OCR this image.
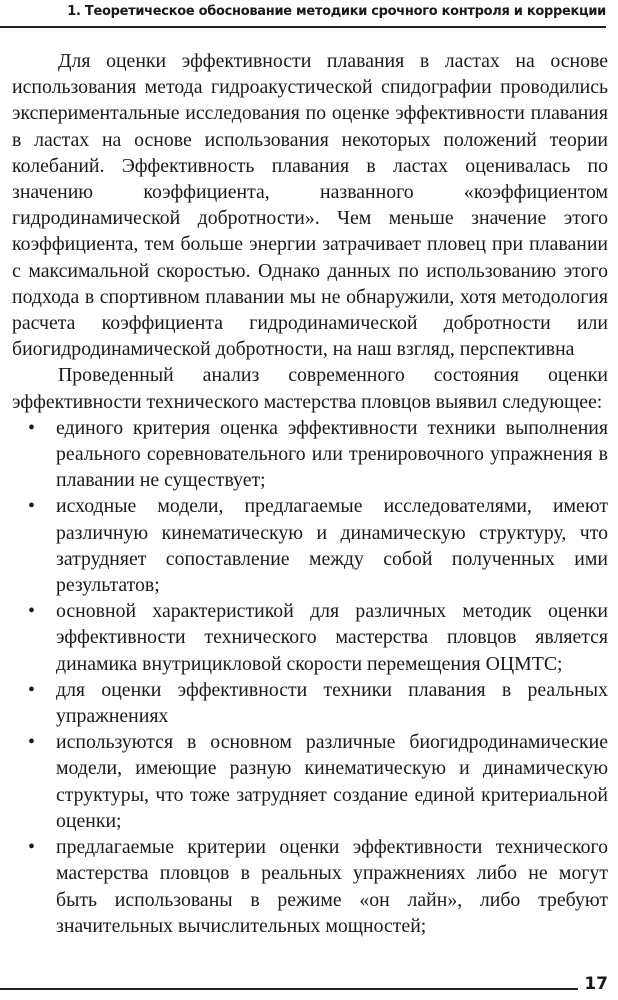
1. Теоретическое обоснование методики срочного контроля и коррекции

Для оценки эффективности плавания в ластах на основе использования метода гидроакустической спидографии проводились экспериментальные исследования по оценке эффективности плавания в ластах на основе использования некоторых положений теории колебаний. Эффективность плавания в ластах оценивалась по значению коэффициента, названного «коэффициентом гидродинамической добротности». Чем меньше значение этого коэффициента, тем больше энергии затрачивает пловец при плавании с максимальной скоростью. Однако данных по использованию этого подхода в спортивном плавании мы не обнаружили, хотя методология расчета коэффициента гидродинамической добротности или биогидродинамической добротности, на наш взгляд, перспективна

Проведенный анализ современного состояния оценки эффективности технического мастерства пловцов выявил следующее:

• единого критерия оценка эффективности техники выполнения реального соревновательного или тренировочного упражнения в плавании не существует;
• исходные модели, предлагаемые исследователями, имеют различную кинематическую и динамическую структуру, что затрудняет сопоставление между собой полученных ими результатов;
• основной характеристикой для различных методик оценки эффективности технического мастерства пловцов является динамика внутрицикловой скорости перемещения ОЦМТС;
• для оценки эффективности техники плавания в реальных упражнениях
• используются в основном различные биогидродинамические модели, имеющие разную кинематическую и динамическую структуры, что тоже затрудняет создание единой критериальной оценки;
• предлагаемые критерии оценки эффективности технического мастерства пловцов в реальных упражнениях либо не могут быть использованы в режиме «он лайн», либо требуют значительных вычислительных мощностей;
17
